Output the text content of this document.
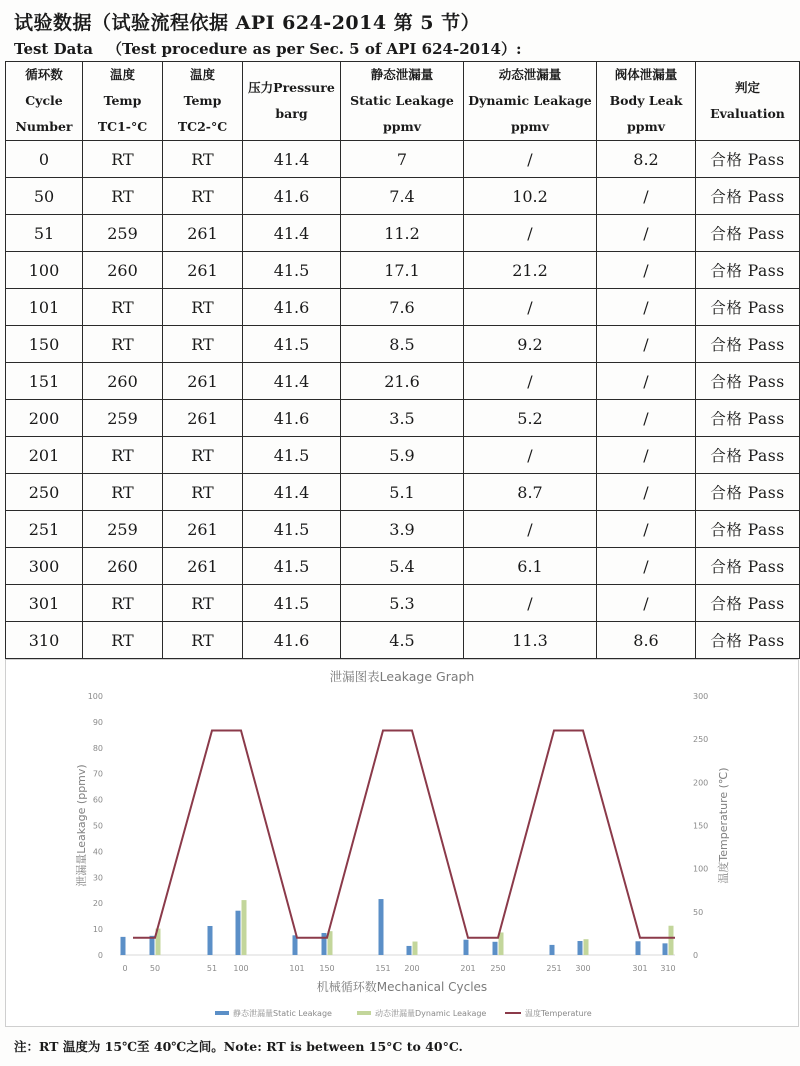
试验数据（试验流程依据 API 624-2014 第 5 节）
Test Data （Test procedure as per Sec. 5 of API 624-2014）:
循环数
Cycle
Number	温度
Temp
TC1-°C	温度
Temp
TC2-°C	压力Pressure
barg	静态泄漏量
Static Leakage
ppmv	动态泄漏量
Dynamic Leakage
ppmv	阀体泄漏量
Body Leak
ppmv	判定
Evaluation

0	RT	RT	41.4	7	/	8.2	合格 Pass
50	RT	RT	41.6	7.4	10.2	/	合格 Pass
51	259	261	41.4	11.2	/	/	合格 Pass
100	260	261	41.5	17.1	21.2	/	合格 Pass
101	RT	RT	41.6	7.6	/	/	合格 Pass
150	RT	RT	41.5	8.5	9.2	/	合格 Pass
151	260	261	41.4	21.6	/	/	合格 Pass
200	259	261	41.6	3.5	5.2	/	合格 Pass
201	RT	RT	41.5	5.9	/	/	合格 Pass
250	RT	RT	41.4	5.1	8.7	/	合格 Pass
251	259	261	41.5	3.9	/	/	合格 Pass
300	260	261	41.5	5.4	6.1	/	合格 Pass
301	RT	RT	41.5	5.3	/	/	合格 Pass
310	RT	RT	41.6	4.5	11.3	8.6	合格 Pass
泄漏图表Leakage Graph
0
10
20
30
40
50
60
70
80
90
100
0
50
100
150
200
250
300
泄漏量Leakage (ppmv)	温度Temperature (℃)
机械循环数Mechanical Cycles
0	50	51 100	101 150	151 200	201 250	251 300	301 310
静态泄漏量Static Leakage	动态泄漏量Dynamic Leakage	温度Temperature
注：RT 温度为 15℃至 40℃之间。Note: RT is between 15°C to 40°C.
